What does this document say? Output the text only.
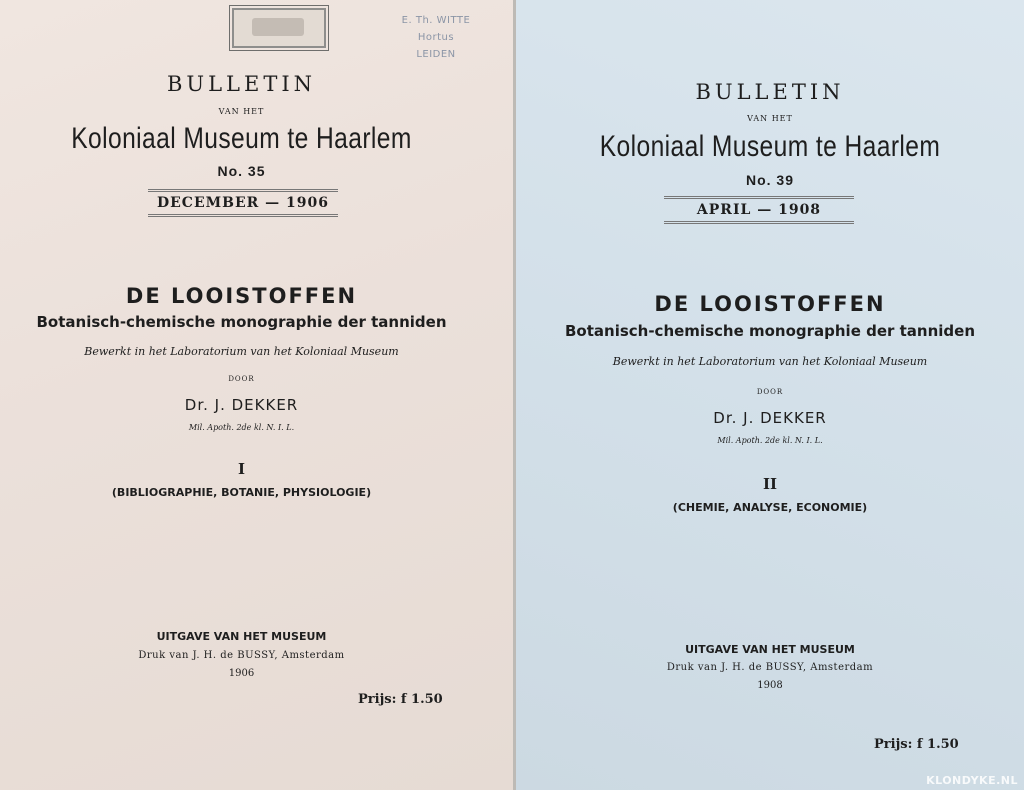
E. Th. WITTE
Hortus
LEIDEN
BULLETIN
VAN HET
Koloniaal Museum te Haarlem
No. 35
DECEMBER — 1906
DE LOOISTOFFEN
Botanisch-chemische monographie der tanniden
Bewerkt in het Laboratorium van het Koloniaal Museum
DOOR
Dr. J. DEKKER
Mil. Apoth. 2de kl. N. I. L.
I
(BIBLIOGRAPHIE, BOTANIE, PHYSIOLOGIE)
UITGAVE VAN HET MUSEUM
Druk van J. H. de BUSSY, Amsterdam
1906
Prijs: f 1.50
BULLETIN
VAN HET
Koloniaal Museum te Haarlem
No. 39
APRIL — 1908
DE LOOISTOFFEN
Botanisch-chemische monographie der tanniden
Bewerkt in het Laboratorium van het Koloniaal Museum
DOOR
Dr. J. DEKKER
Mil. Apoth. 2de kl. N. I. L.
II
(CHEMIE, ANALYSE, ECONOMIE)
UITGAVE VAN HET MUSEUM
Druk van J. H. de BUSSY, Amsterdam
1908
Prijs: f 1.50
KLONDYKE.NL
